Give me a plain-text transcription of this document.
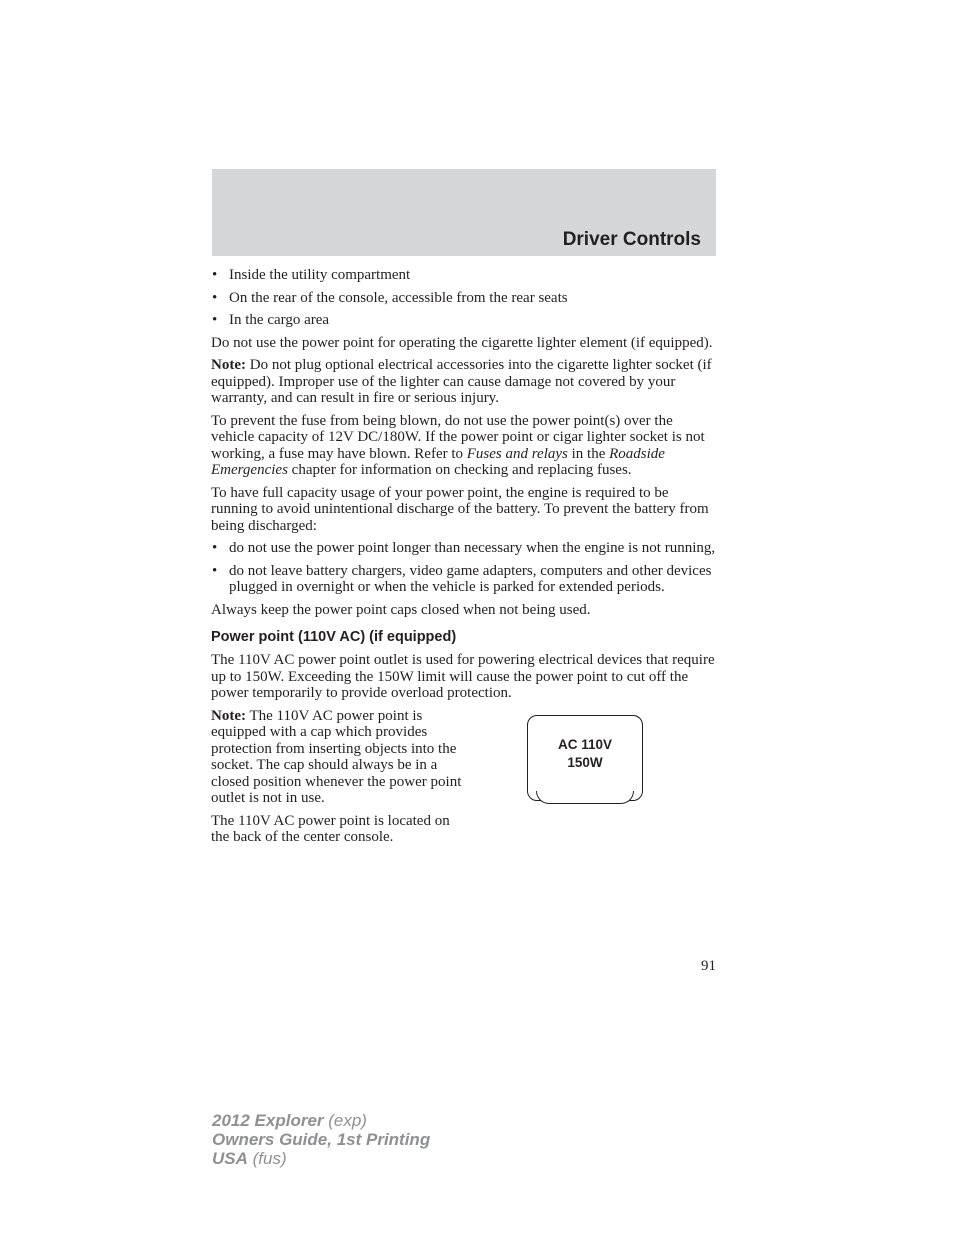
Driver Controls
• Inside the utility compartment
• On the rear of the console, accessible from the rear seats
• In the cargo area

Do not use the power point for operating the cigarette lighter element (if equipped).

Note: Do not plug optional electrical accessories into the cigarette lighter socket (if equipped). Improper use of the lighter can cause damage not covered by your warranty, and can result in fire or serious injury.

To prevent the fuse from being blown, do not use the power point(s) over the vehicle capacity of 12V DC/180W. If the power point or cigar lighter socket is not working, a fuse may have blown. Refer to Fuses and relays in the Roadside Emergencies chapter for information on checking and replacing fuses.

To have full capacity usage of your power point, the engine is required to be running to avoid unintentional discharge of the battery. To prevent the battery from being discharged:

• do not use the power point longer than necessary when the engine is not running,
• do not leave battery chargers, video game adapters, computers and other devices plugged in overnight or when the vehicle is parked for extended periods.

Always keep the power point caps closed when not being used.

Power point (110V AC) (if equipped)

The 110V AC power point outlet is used for powering electrical devices that require up to 150W. Exceeding the 150W limit will cause the power point to cut off the power temporarily to provide overload protection.

Note: The 110V AC power point is equipped with a cap which provides protection from inserting objects into the socket. The cap should always be in a closed position whenever the power point outlet is not in use.

The 110V AC power point is located on the back of the center console.

AC 110V
150W
91
2012 Explorer (exp)
Owners Guide, 1st Printing
USA (fus)
